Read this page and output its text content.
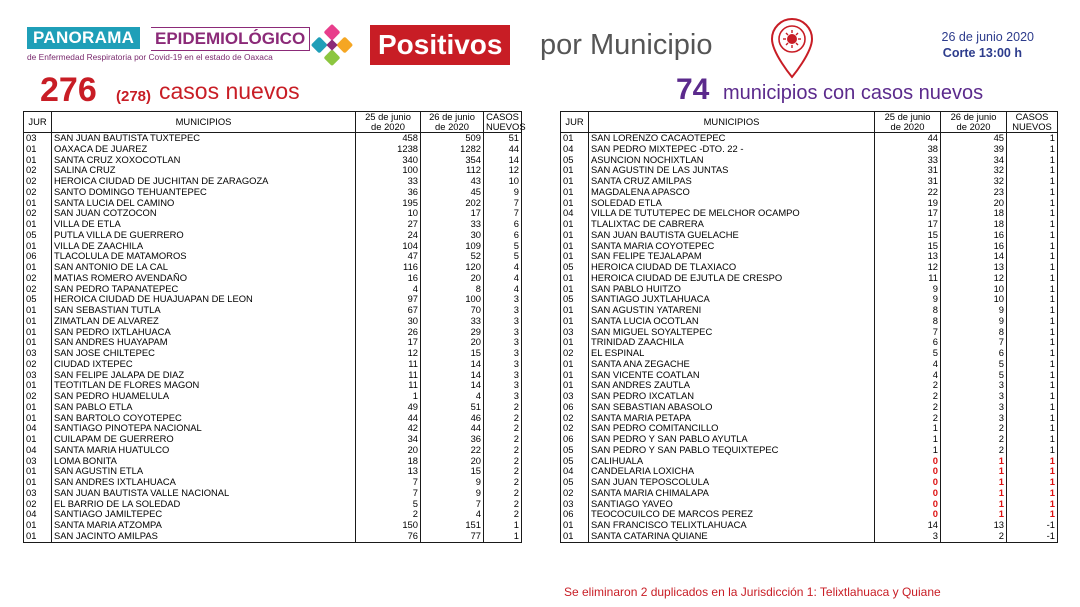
PANORAMA	EPIDEMIOLÓGICO
de Enfermedad Respiratoria por Covid-19 en el estado de Oaxaca	Positivos por Municipio	26 de junio 2020
Corte 13:00 h
276 (278) casos nuevos	74 municipios con casos nuevos
JUR	MUNICIPIOS	25 de junio
de 2020	26 de junio
de 2020	CASOS
NUEVOS
03	SAN JUAN BAUTISTA TUXTEPEC	458	509	51
01	OAXACA DE JUAREZ	1238	1282	44
01	SANTA CRUZ XOXOCOTLAN	340	354	14
02	SALINA CRUZ	100	112	12
02	HEROICA CIUDAD DE JUCHITAN DE ZARAGOZA	33	43	10
02	SANTO DOMINGO TEHUANTEPEC	36	45	9
01	SANTA LUCIA DEL CAMINO	195	202	7
02	SAN JUAN COTZOCON	10	17	7
01	VILLA DE ETLA	27	33	6
05	PUTLA VILLA DE GUERRERO	24	30	6
01	VILLA DE ZAACHILA	104	109	5
06	TLACOLULA DE MATAMOROS	47	52	5
01	SAN ANTONIO DE LA CAL	116	120	4
02	MATIAS ROMERO AVENDAÑO	16	20	4
02	SAN PEDRO TAPANATEPEC	4	8	4
05	HEROICA CIUDAD DE HUAJUAPAN DE LEON	97	100	3
01	SAN SEBASTIAN TUTLA	67	70	3
01	ZIMATLAN DE ALVAREZ	30	33	3
01	SAN PEDRO IXTLAHUACA	26	29	3
01	SAN ANDRES HUAYAPAM	17	20	3
03	SAN JOSE CHILTEPEC	12	15	3
02	CIUDAD IXTEPEC	11	14	3
03	SAN FELIPE JALAPA DE DIAZ	11	14	3
01	TEOTITLAN DE FLORES MAGON	11	14	3
02	SAN PEDRO HUAMELULA	1	4	3
01	SAN PABLO ETLA	49	51	2
01	SAN BARTOLO COYOTEPEC	44	46	2
04	SANTIAGO PINOTEPA NACIONAL	42	44	2
01	CUILAPAM DE GUERRERO	34	36	2
04	SANTA MARIA HUATULCO	20	22	2
03	LOMA BONITA	18	20	2
01	SAN AGUSTIN ETLA	13	15	2
01	SAN ANDRES IXTLAHUACA	7	9	2
03	SAN JUAN BAUTISTA VALLE NACIONAL	7	9	2
02	EL BARRIO DE LA SOLEDAD	5	7	2
04	SANTIAGO JAMILTEPEC	2	4	2
01	SANTA MARIA ATZOMPA	150	151	1
01	SAN JACINTO AMILPAS	76	77	1
JUR	MUNICIPIOS	25 de junio
de 2020	26 de junio
de 2020	CASOS
NUEVOS
01	SAN LORENZO CACAOTEPEC	44	45	1
04	SAN PEDRO MIXTEPEC -DTO. 22 -	38	39	1
05	ASUNCION NOCHIXTLAN	33	34	1
01	SAN AGUSTIN DE LAS JUNTAS	31	32	1
01	SANTA CRUZ AMILPAS	31	32	1
01	MAGDALENA APASCO	22	23	1
01	SOLEDAD ETLA	19	20	1
04	VILLA DE TUTUTEPEC DE MELCHOR OCAMPO	17	18	1
01	TLALIXTAC DE CABRERA	17	18	1
01	SAN JUAN BAUTISTA GUELACHE	15	16	1
01	SANTA MARIA COYOTEPEC	15	16	1
01	SAN FELIPE TEJALAPAM	13	14	1
05	HEROICA CIUDAD DE TLAXIACO	12	13	1
01	HEROICA CIUDAD DE EJUTLA DE CRESPO	11	12	1
01	SAN PABLO HUITZO	9	10	1
05	SANTIAGO JUXTLAHUACA	9	10	1
01	SAN AGUSTIN YATARENI	8	9	1
01	SANTA LUCIA OCOTLAN	8	9	1
03	SAN MIGUEL SOYALTEPEC	7	8	1
01	TRINIDAD ZAACHILA	6	7	1
02	EL ESPINAL	5	6	1
01	SANTA ANA ZEGACHE	4	5	1
01	SAN VICENTE COATLAN	4	5	1
01	SAN ANDRES ZAUTLA	2	3	1
03	SAN PEDRO IXCATLAN	2	3	1
06	SAN SEBASTIAN ABASOLO	2	3	1
02	SANTA MARIA PETAPA	2	3	1
02	SAN PEDRO COMITANCILLO	1	2	1
06	SAN PEDRO Y SAN PABLO AYUTLA	1	2	1
05	SAN PEDRO Y SAN PABLO TEQUIXTEPEC	1	2	1
05	CALIHUALA	0	1	1
04	CANDELARIA LOXICHA	0	1	1
05	SAN JUAN TEPOSCOLULA	0	1	1
02	SANTA MARIA CHIMALAPA	0	1	1
03	SANTIAGO YAVEO	0	1	1
06	TEOCOCUILCO DE MARCOS PEREZ	0	1	1
01	SAN FRANCISCO TELIXTLAHUACA	14	13	-1
01	SANTA CATARINA QUIANE	3	2	-1
Se eliminaron 2 duplicados en la Jurisdicción 1: Telixtlahuaca y Quiane
